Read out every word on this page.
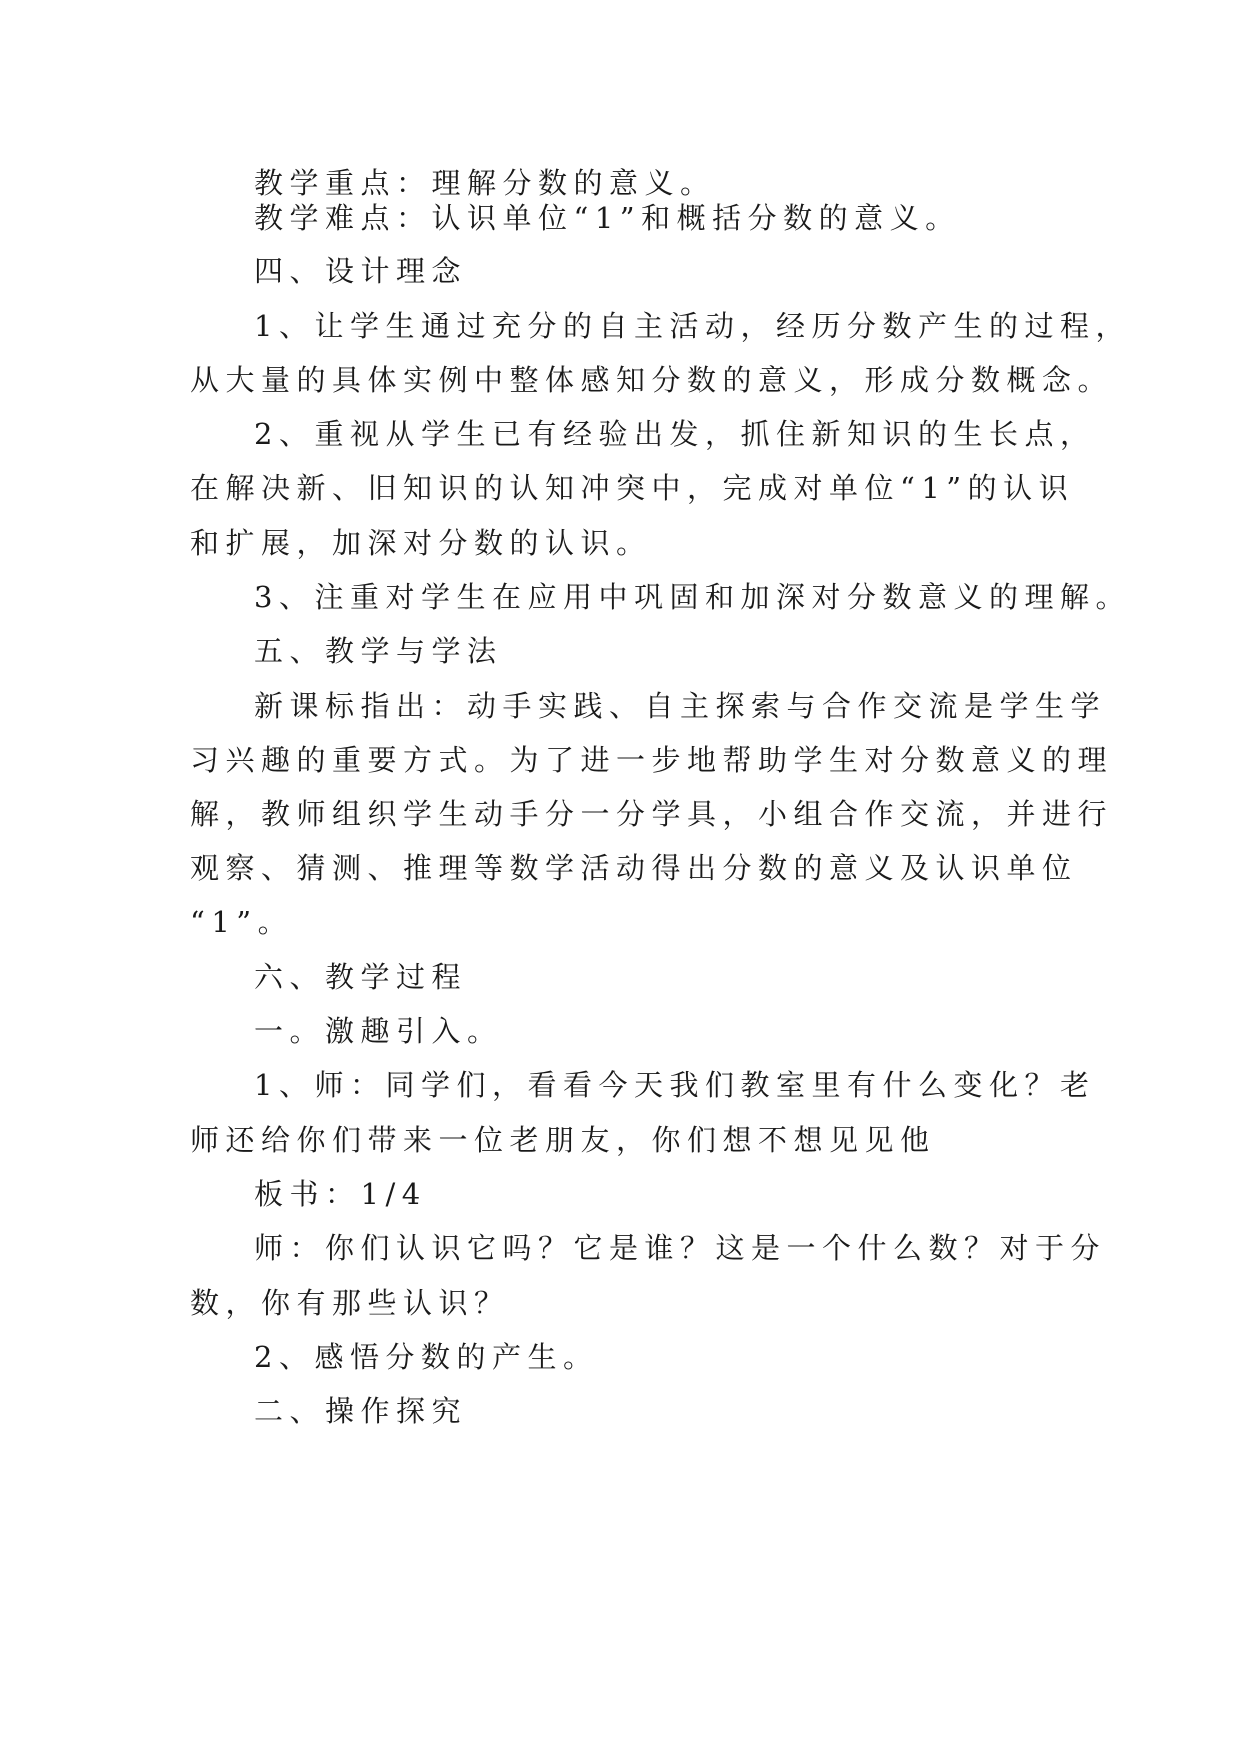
教学重点：理解分数的意义。
教学难点：认识单位“1”和概括分数的意义。
四、设计理念
1、让学生通过充分的自主活动，经历分数产生的过程，
从大量的具体实例中整体感知分数的意义，形成分数概念。
2、重视从学生已有经验出发，抓住新知识的生长点，
在解决新、旧知识的认知冲突中，完成对单位“1”的认识
和扩展，加深对分数的认识。
3、注重对学生在应用中巩固和加深对分数意义的理解。
五、教学与学法
新课标指出：动手实践、自主探索与合作交流是学生学
习兴趣的重要方式。为了进一步地帮助学生对分数意义的理
解，教师组织学生动手分一分学具，小组合作交流，并进行
观察、猜测、推理等数学活动得出分数的意义及认识单位
“1”。
六、教学过程
一。激趣引入。
1、师：同学们，看看今天我们教室里有什么变化？老
师还给你们带来一位老朋友，你们想不想见见他
板书：1/4
师：你们认识它吗？它是谁？这是一个什么数？对于分
数，你有那些认识？
2、感悟分数的产生。
二、操作探究
